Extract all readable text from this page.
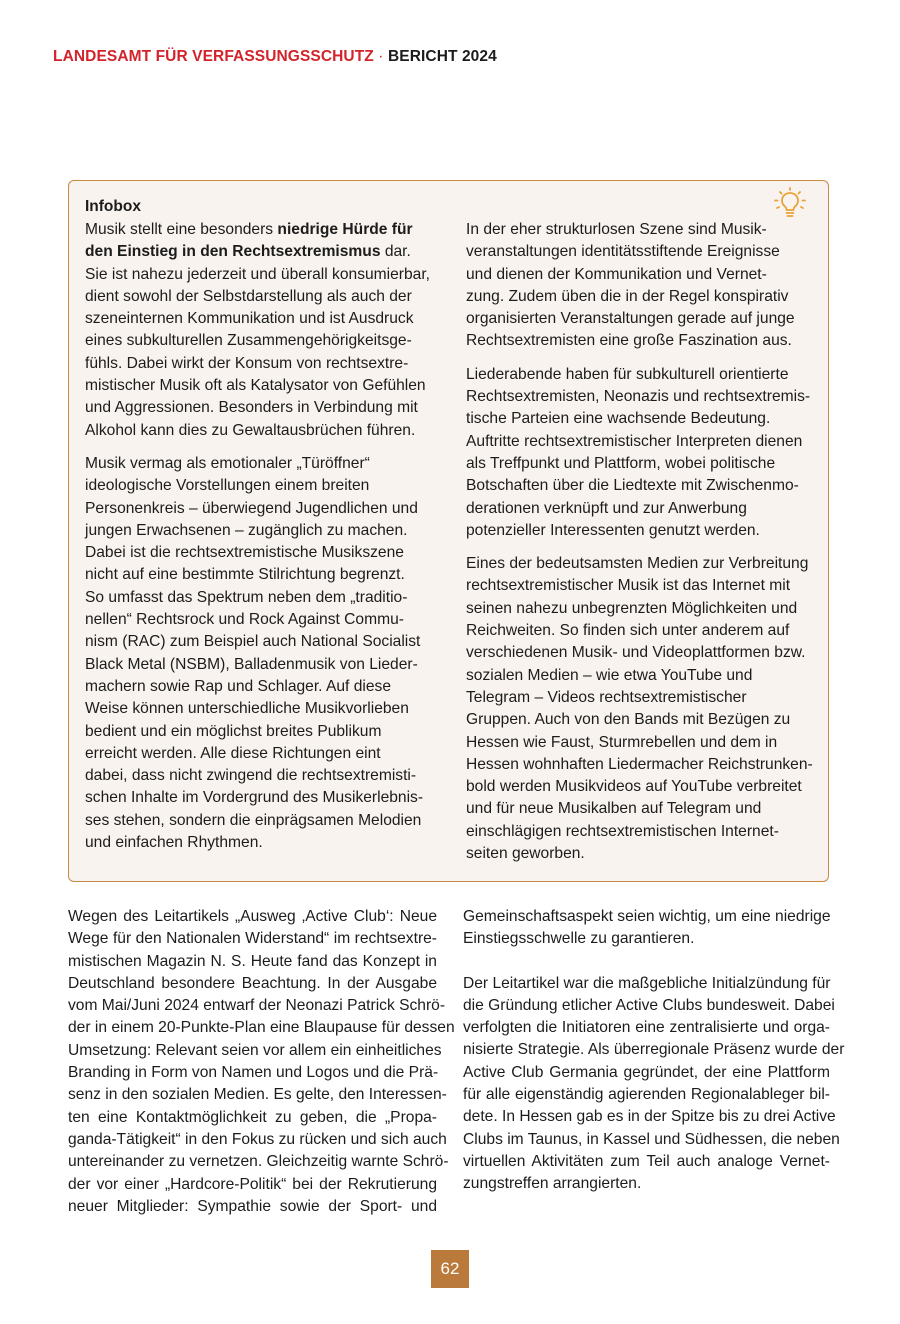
LANDESAMT FÜR VERFASSUNGSSCHUTZ · BERICHT 2024
Infobox

Musik stellt eine besonders niedrige Hürde für
den Einstieg in den Rechtsextremismus dar.
Sie ist nahezu jederzeit und überall konsumierbar,
dient sowohl der Selbstdarstellung als auch der
szeneinternen Kommunikation und ist Ausdruck
eines subkulturellen Zusammengehörigkeitsge-
fühls. Dabei wirkt der Konsum von rechtsextre-
mistischer Musik oft als Katalysator von Gefühlen
und Aggressionen. Besonders in Verbindung mit
Alkohol kann dies zu Gewaltausbrüchen führen.

Musik vermag als emotionaler „Türöffner“
ideologische Vorstellungen einem breiten
Personenkreis – überwiegend Jugendlichen und
jungen Erwachsenen – zugänglich zu machen.
Dabei ist die rechtsextremistische Musikszene
nicht auf eine bestimmte Stilrichtung begrenzt.
So umfasst das Spektrum neben dem „traditio-
nellen“ Rechtsrock und Rock Against Commu-
nism (RAC) zum Beispiel auch National Socialist
Black Metal (NSBM), Balladenmusik von Lieder-
machern sowie Rap und Schlager. Auf diese
Weise können unterschiedliche Musikvorlieben
bedient und ein möglichst breites Publikum
erreicht werden. Alle diese Richtungen eint
dabei, dass nicht zwingend die rechtsextremisti-
schen Inhalte im Vordergrund des Musikerlebnis-
ses stehen, sondern die einprägsamen Melodien
und einfachen Rhythmen.

In der eher strukturlosen Szene sind Musik-
veranstaltungen identitätsstiftende Ereignisse
und dienen der Kommunikation und Vernet-
zung. Zudem üben die in der Regel konspirativ
organisierten Veranstaltungen gerade auf junge
Rechtsextremisten eine große Faszination aus.

Liederabende haben für subkulturell orientierte
Rechtsextremisten, Neonazis und rechtsextremis-
tische Parteien eine wachsende Bedeutung.
Auftritte rechtsextremistischer Interpreten dienen
als Treffpunkt und Plattform, wobei politische
Botschaften über die Liedtexte mit Zwischenmo-
derationen verknüpft und zur Anwerbung
potenzieller Interessenten genutzt werden.

Eines der bedeutsamsten Medien zur Verbreitung
rechtsextremistischer Musik ist das Internet mit
seinen nahezu unbegrenzten Möglichkeiten und
Reichweiten. So finden sich unter anderem auf
verschiedenen Musik- und Videoplattformen bzw.
sozialen Medien – wie etwa YouTube und
Telegram – Videos rechtsextremistischer
Gruppen. Auch von den Bands mit Bezügen zu
Hessen wie Faust, Sturmrebellen und dem in
Hessen wohnhaften Liedermacher Reichstrunken-
bold werden Musikvideos auf YouTube verbreitet
und für neue Musikalben auf Telegram und
einschlägigen rechtsextremistischen Internet-
seiten geworben.

Wegen des Leitartikels „Ausweg ‚Active Club‘: Neue
Wege für den Nationalen Widerstand“ im rechtsextre-
mistischen Magazin N. S. Heute fand das Konzept in
Deutschland besondere Beachtung. In der Ausgabe
vom Mai/Juni 2024 entwarf der Neonazi Patrick Schrö-
der in einem 20-Punkte-Plan eine Blaupause für dessen
Umsetzung: Relevant seien vor allem ein einheitliches
Branding in Form von Namen und Logos und die Prä-
senz in den sozialen Medien. Es gelte, den Interessen-
ten eine Kontaktmöglichkeit zu geben, die „Propa-
ganda-Tätigkeit“ in den Fokus zu rücken und sich auch
untereinander zu vernetzen. Gleichzeitig warnte Schrö-
der vor einer „Hardcore-Politik“ bei der Rekrutierung
neuer Mitglieder: Sympathie sowie der Sport- und

Gemeinschaftsaspekt seien wichtig, um eine niedrige
Einstiegsschwelle zu garantieren.

Der Leitartikel war die maßgebliche Initialzündung für
die Gründung etlicher Active Clubs bundesweit. Dabei
verfolgten die Initiatoren eine zentralisierte und orga-
nisierte Strategie. Als überregionale Präsenz wurde der
Active Club Germania gegründet, der eine Plattform
für alle eigenständig agierenden Regionalableger bil-
dete. In Hessen gab es in der Spitze bis zu drei Active
Clubs im Taunus, in Kassel und Südhessen, die neben
virtuellen Aktivitäten zum Teil auch analoge Vernet-
zungstreffen arrangierten.

62
